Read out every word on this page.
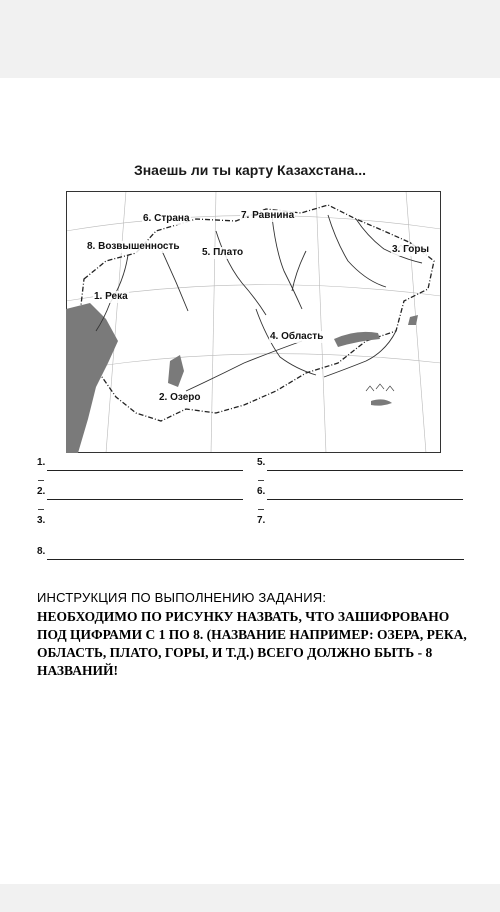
Знаешь ли ты карту Казахстана...
6. Страна	7. Равнина
8. Возвышенность
5. Плато	3. Горы
1. Река
4. Область
2. Озеро
1.
2.
3.
5.
6.
7.
8.
ИНСТРУКЦИЯ ПО ВЫПОЛНЕНИЮ ЗАДАНИЯ:

НЕОБХОДИМО ПО РИСУНКУ НАЗВАТЬ, ЧТО ЗАШИФРОВАНО ПОД ЦИФРАМИ С 1 ПО 8. (НАЗВАНИЕ НАПРИМЕР: ОЗЕРА, РЕКА, ОБЛАСТЬ, ПЛАТО, ГОРЫ, И Т.Д.) ВСЕГО ДОЛЖНО БЫТЬ - 8 НАЗВАНИЙ!
